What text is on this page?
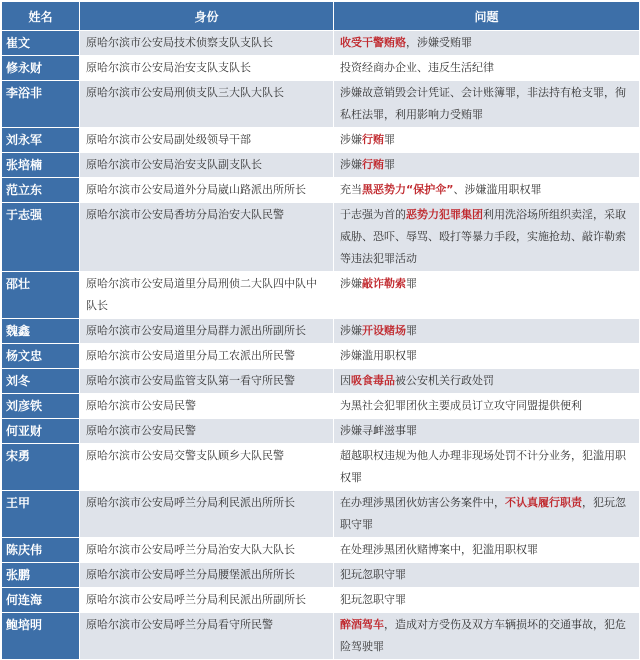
姓名	身份	问题
崔文	原哈尔滨市公安局技术侦察支队支队长	收受干警贿赂，涉嫌受贿罪
修永财	原哈尔滨市公安局治安支队支队长	投资经商办企业、违反生活纪律
李浴非	原哈尔滨市公安局刑侦支队三大队大队长	涉嫌故意销毁会计凭证、会计账簿罪，非法持有枪支罪，徇私枉法罪，利用影响力受贿罪
刘永军	原哈尔滨市公安局副处级领导干部	涉嫌行贿罪
张培楠	原哈尔滨市公安局治安支队副支队长	涉嫌行贿罪
范立东	原哈尔滨市公安局道外分局崴山路派出所所长	充当黑恶势力“保护伞”、涉嫌滥用职权罪
于志强	原哈尔滨市公安局香坊分局治安大队民警	于志强为首的恶势力犯罪集团利用洗浴场所组织卖淫，采取威胁、恐吓、辱骂、殴打等暴力手段，实施抢劫、敲诈勒索等违法犯罪活动
邵壮	原哈尔滨市公安局道里分局刑侦二大队四中队中队长	涉嫌敲诈勒索罪
魏鑫	原哈尔滨市公安局道里分局群力派出所副所长	涉嫌开设赌场罪
杨文忠	原哈尔滨市公安局道里分局工农派出所民警	涉嫌滥用职权罪
刘冬	原哈尔滨市公安局监管支队第一看守所民警	因吸食毒品被公安机关行政处罚
刘彦铁	原哈尔滨市公安局民警	为黑社会犯罪团伙主要成员订立攻守同盟提供便利
何亚财	原哈尔滨市公安局民警	涉嫌寻衅滋事罪
宋勇	原哈尔滨市公安局交警支队顾乡大队民警	超越职权违规为他人办理非现场处罚不计分业务，犯滥用职权罪
王甲	原哈尔滨市公安局呼兰分局利民派出所所长	在办理涉黑团伙妨害公务案件中，不认真履行职责，犯玩忽职守罪
陈庆伟	原哈尔滨市公安局呼兰分局治安大队大队长	在处理涉黑团伙赌博案中，犯滥用职权罪
张鹏	原哈尔滨市公安局呼兰分局腰堡派出所所长	犯玩忽职守罪
何连海	原哈尔滨市公安局呼兰分局利民派出所副所长	犯玩忽职守罪
鲍培明	原哈尔滨市公安局呼兰分局看守所民警	醉酒驾车，造成对方受伤及双方车辆损坏的交通事故，犯危险驾驶罪
